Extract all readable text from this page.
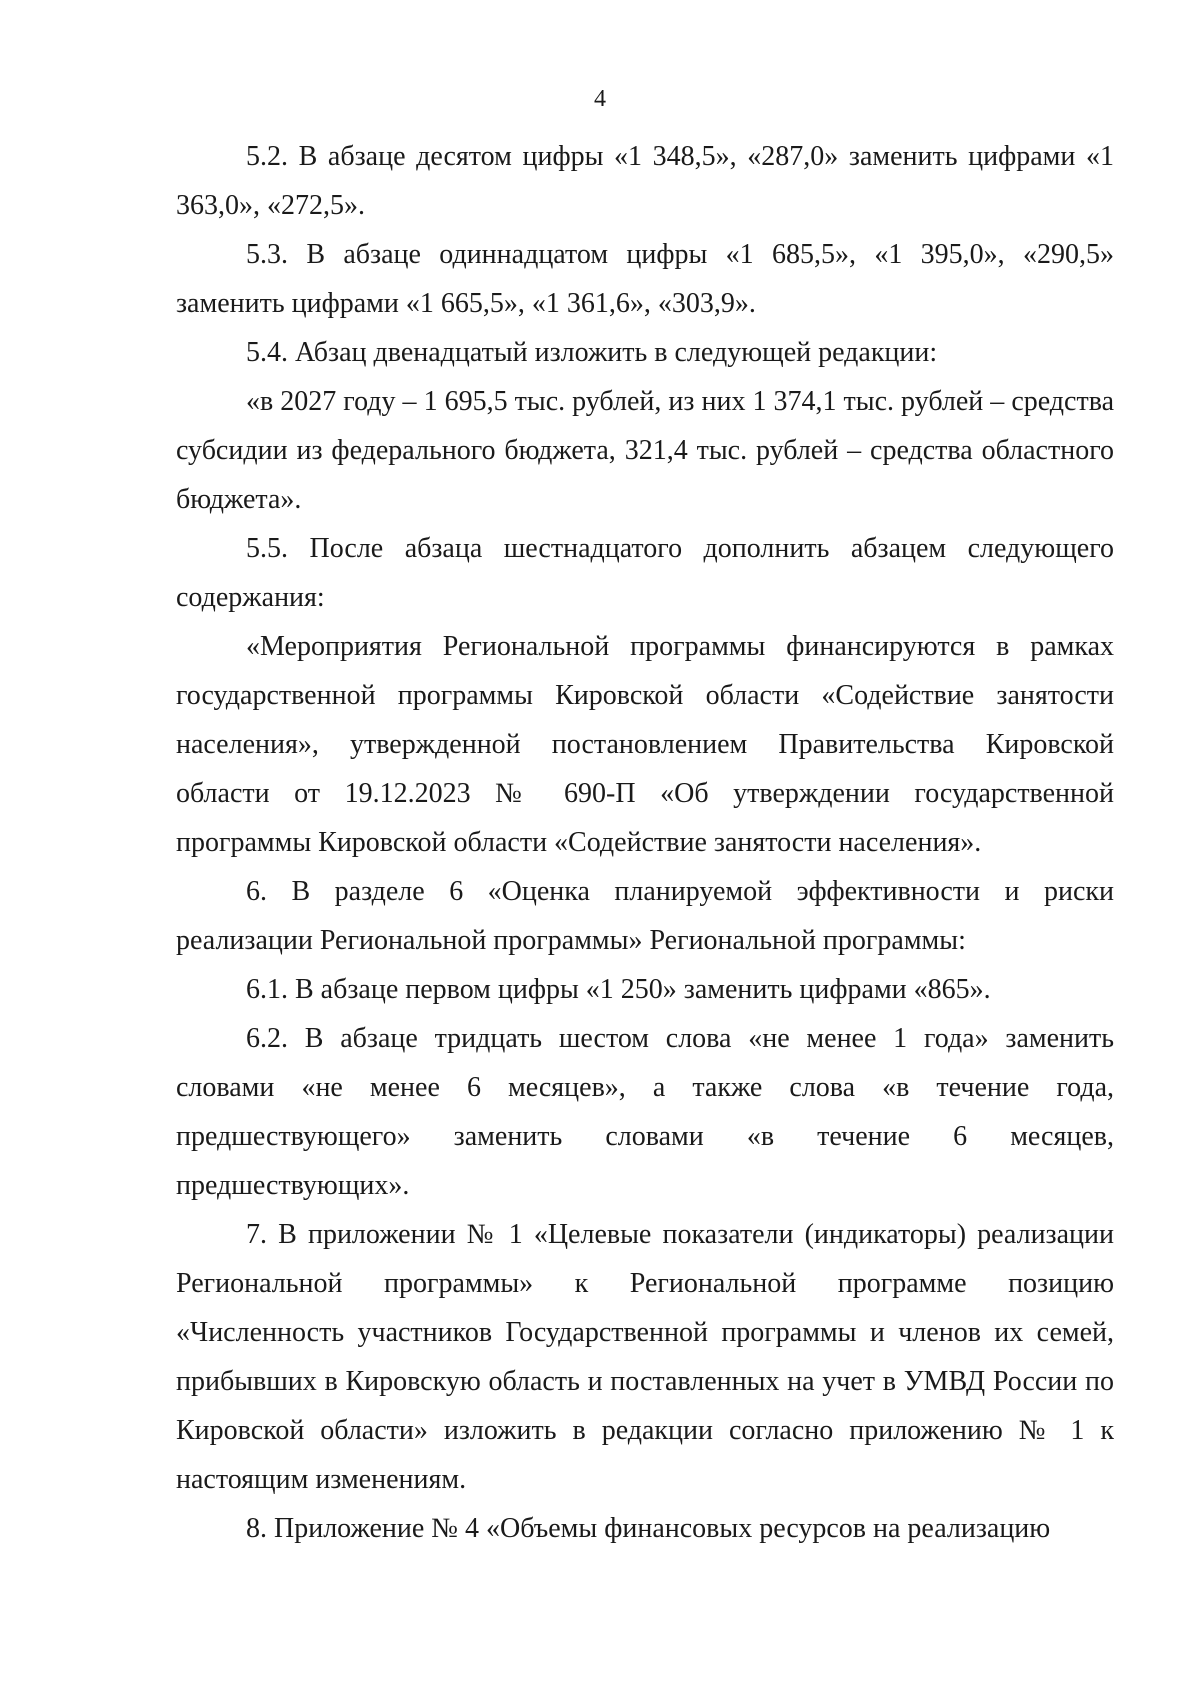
4

5.2. В абзаце десятом цифры «1 348,5», «287,0» заменить цифрами «1 363,0», «272,5».

5.3. В абзаце одиннадцатом цифры «1 685,5», «1 395,0», «290,5» заменить цифрами «1 665,5», «1 361,6», «303,9».

5.4. Абзац двенадцатый изложить в следующей редакции:

«в 2027 году – 1 695,5 тыс. рублей, из них 1 374,1 тыс. рублей – средства субсидии из федерального бюджета, 321,4 тыс. рублей – средства областного бюджета».

5.5. После абзаца шестнадцатого дополнить абзацем следующего содержания:

«Мероприятия Региональной программы финансируются в рамках государственной программы Кировской области «Содействие занятости населения», утвержденной постановлением Правительства Кировской области от 19.12.2023 № 690-П «Об утверждении государственной программы Кировской области «Содействие занятости населения».

6. В разделе 6 «Оценка планируемой эффективности и риски реализации Региональной программы» Региональной программы:

6.1. В абзаце первом цифры «1 250» заменить цифрами «865».

6.2. В абзаце тридцать шестом слова «не менее 1 года» заменить словами «не менее 6 месяцев», а также слова «в течение года, предшествующего» заменить словами «в течение 6 месяцев, предшествующих».

7. В приложении № 1 «Целевые показатели (индикаторы) реализации Региональной программы» к Региональной программе позицию «Численность участников Государственной программы и членов их семей, прибывших в Кировскую область и поставленных на учет в УМВД России по Кировской области» изложить в редакции согласно приложению № 1 к настоящим изменениям.

8. Приложение № 4 «Объемы финансовых ресурсов на реализацию
